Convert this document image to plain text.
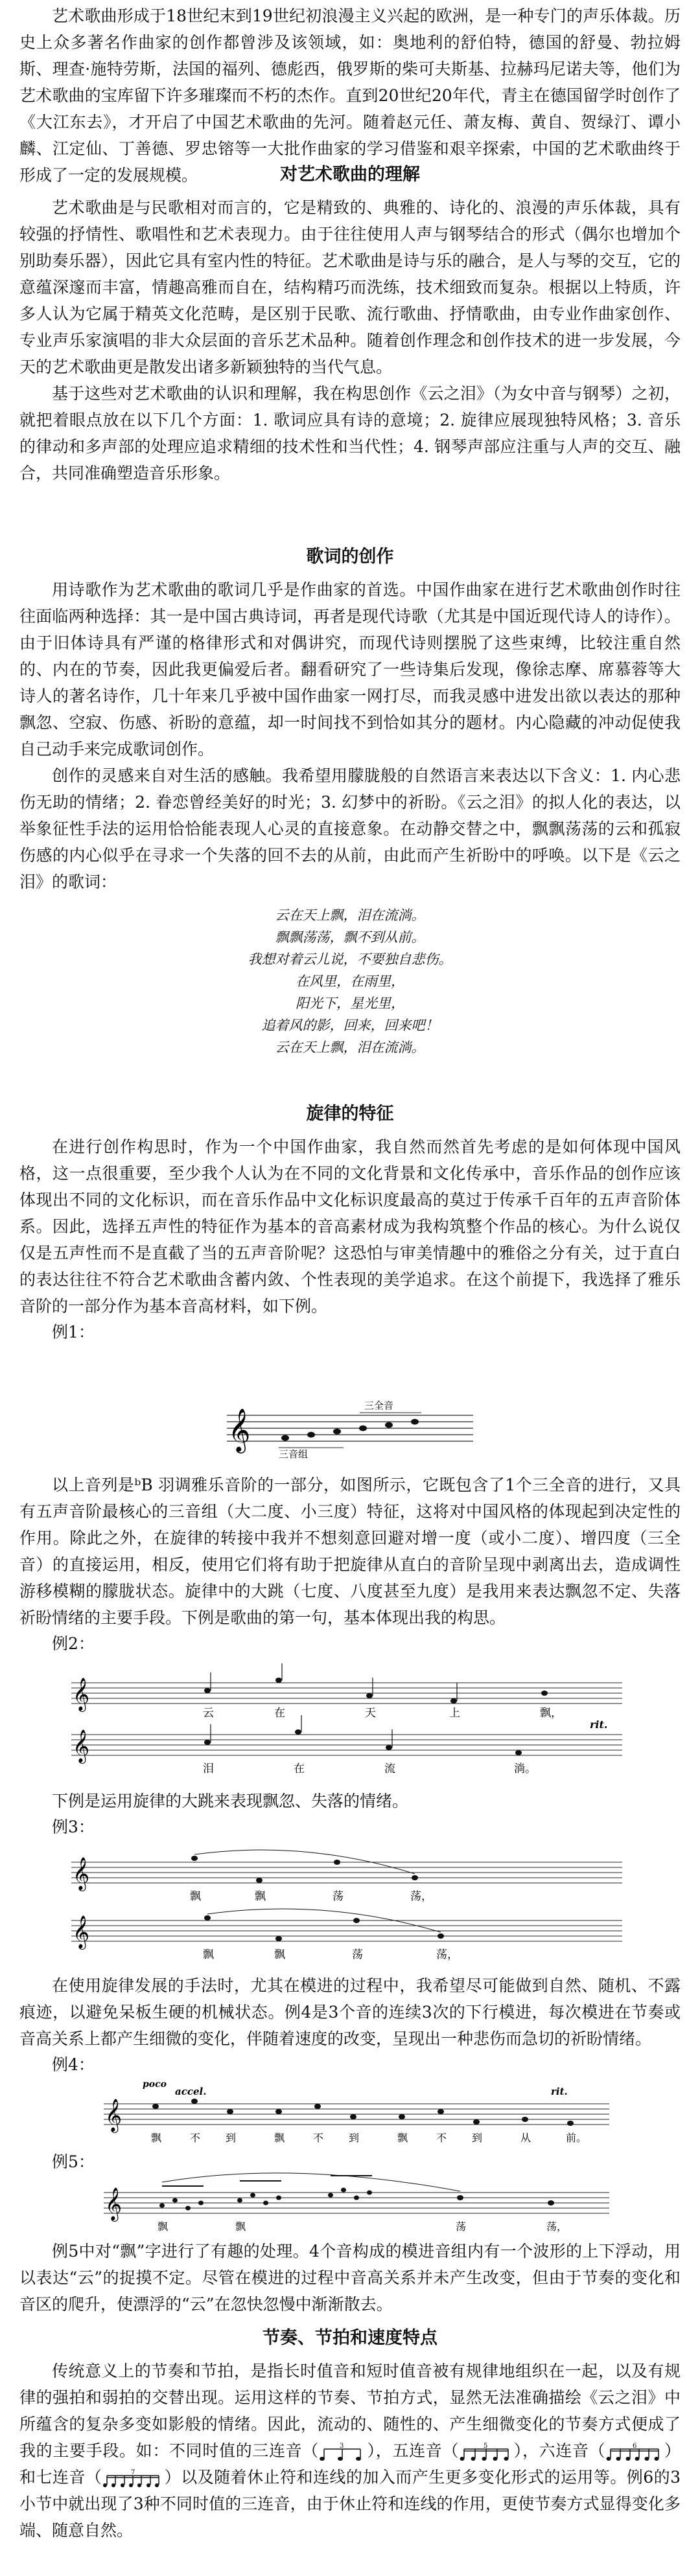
艺术歌曲形成于18世纪末到19世纪初浪漫主义兴起的欧洲，是一种专门的声乐体裁。历史上众多著名作曲家的创作都曾涉及该领域，如：奥地利的舒伯特，德国的舒曼、勃拉姆斯、理查·施特劳斯，法国的福列、德彪西，俄罗斯的柴可夫斯基、拉赫玛尼诺夫等，他们为艺术歌曲的宝库留下许多璀璨而不朽的杰作。直到20世纪20年代，青主在德国留学时创作了《大江东去》，才开启了中国艺术歌曲的先河。随着赵元任、萧友梅、黄自、贺绿汀、谭小麟、江定仙、丁善德、罗忠镕等一大批作曲家的学习借鉴和艰辛探索，中国的艺术歌曲终于形成了一定的发展规模。	对艺术歌曲的理解

艺术歌曲是与民歌相对而言的，它是精致的、典雅的、诗化的、浪漫的声乐体裁，具有较强的抒情性、歌唱性和艺术表现力。由于往往使用人声与钢琴结合的形式（偶尔也增加个别助奏乐器），因此它具有室内性的特征。艺术歌曲是诗与乐的融合，是人与琴的交互，它的意蕴深邃而丰富，情趣高雅而自在，结构精巧而洗练，技术细致而复杂。根据以上特质，许多人认为它属于精英文化范畴，是区别于民歌、流行歌曲、抒情歌曲，由专业作曲家创作、专业声乐家演唱的非大众层面的音乐艺术品种。随着创作理念和创作技术的进一步发展，今天的艺术歌曲更是散发出诸多新颖独特的当代气息。

基于这些对艺术歌曲的认识和理解，我在构思创作《云之泪》（为女中音与钢琴）之初，就把着眼点放在以下几个方面：1. 歌词应具有诗的意境；2. 旋律应展现独特风格；3. 音乐的律动和多声部的处理应追求精细的技术性和当代性；4. 钢琴声部应注重与人声的交互、融合，共同准确塑造音乐形象。

歌词的创作

用诗歌作为艺术歌曲的歌词几乎是作曲家的首选。中国作曲家在进行艺术歌曲创作时往往面临两种选择：其一是中国古典诗词，再者是现代诗歌（尤其是中国近现代诗人的诗作）。由于旧体诗具有严谨的格律形式和对偶讲究，而现代诗则摆脱了这些束缚，比较注重自然的、内在的节奏，因此我更偏爱后者。翻看研究了一些诗集后发现，像徐志摩、席慕蓉等大诗人的著名诗作，几十年来几乎被中国作曲家一网打尽，而我灵感中进发出欲以表达的那种飘忽、空寂、伤感、祈盼的意蕴，却一时间找不到恰如其分的题材。内心隐藏的冲动促使我自己动手来完成歌词创作。

创作的灵感来自对生活的感触。我希望用朦胧般的自然语言来表达以下含义：1. 内心悲伤无助的情绪；2. 眷恋曾经美好的时光；3. 幻梦中的祈盼。《云之泪》的拟人化的表达，以举象征性手法的运用恰恰能表现人心灵的直接意象。在动静交替之中，飘飘荡荡的云和孤寂伤感的内心似乎在寻求一个失落的回不去的从前，由此而产生祈盼中的呼唤。以下是《云之泪》的歌词：

云在天上飘，泪在流淌。
飘飘荡荡，飘不到从前。
我想对着云儿说，不要独自悲伤。
在风里，在雨里，
阳光下，星光里，
追着风的影，回来，回来吧！
云在天上飘，泪在流淌。
旋律的特征

在进行创作构思时，作为一个中国作曲家，我自然而然首先考虑的是如何体现中国风格，这一点很重要，至少我个人认为在不同的文化背景和文化传承中，音乐作品的创作应该体现出不同的文化标识，而在音乐作品中文化标识度最高的莫过于传承千百年的五声音阶体系。因此，选择五声性的特征作为基本的音高素材成为我构筑整个作品的核心。为什么说仅仅是五声性而不是直截了当的五声音阶呢？这恐怕与审美情趣中的雅俗之分有关，过于直白的表达往往不符合艺术歌曲含蓄内敛、个性表现的美学追求。在这个前提下，我选择了雅乐音阶的一部分作为基本音高材料，如下例。

例1：
𝄞
三全音
三音组

以上音列是ᵇB 羽调雅乐音阶的一部分，如图所示，它既包含了1个三全音的进行，又具有五声音阶最核心的三音组（大二度、小三度）特征，这将对中国风格的体现起到决定性的作用。除此之外，在旋律的转接中我并不想刻意回避对增一度（或小二度）、增四度（三全音）的直接运用，相反，使用它们将有助于把旋律从直白的音阶呈现中剥离出去，造成调性游移模糊的朦胧状态。旋律中的大跳（七度、八度甚至九度）是我用来表达飘忽不定、失落祈盼情绪的主要手段。下例是歌曲的第一句，基本体现出我的构思。

例2：
𝄞
𝄞
rit.
云	在	天	上	飘，
泪	在	流	淌。

下例是运用旋律的大跳来表现飘忽、失落的情绪。

例3：
𝄞
𝄞
飘	飘	荡	荡，
飘	飘	荡	荡，

在使用旋律发展的手法时，尤其在模进的过程中，我希望尽可能做到自然、随机、不露痕迹，以避免呆板生硬的机械状态。例4是3个音的连续3次的下行模进，每次模进在节奏或音高关系上都产生细微的变化，伴随着速度的改变，呈现出一种悲伤而急切的祈盼情绪。

例4：
poco
accel.	rit.
𝄞
飘	不 到	飘	不 到	飘	不 到	从	前。
例5：
𝄞
飘	飘	荡	荡，

例5中对“飘”字进行了有趣的处理。4个音构成的模进音组内有一个波形的上下浮动，用以表达“云”的捉摸不定。尽管在模进的过程中音高关系并未产生改变，但由于节奏的变化和音区的爬升，使漂浮的“云”在忽快忽慢中渐渐散去。

节奏、节拍和速度特点

传统意义上的节奏和节拍，是指长时值音和短时值音被有规律地组织在一起，以及有规律的强拍和弱拍的交替出现。运用这样的节奏、节拍方式，显然无法准确描绘《云之泪》中所蕴含的复杂多变如影般的情绪。因此，流动的、随性的、产生细微变化的节奏方式便成了我的主要手段。如：不同时值的三连音（	3 ），五连音（	5 ），六连音（	6 ）和七连音（	7 ）以及随着休止符和连线的加入而产生更多变化形式的运用等。例6的3小节中就出现了3种不同时值的三连音，由于休止符和连线的作用，更使节奏方式显得变化多端、随意自然。
